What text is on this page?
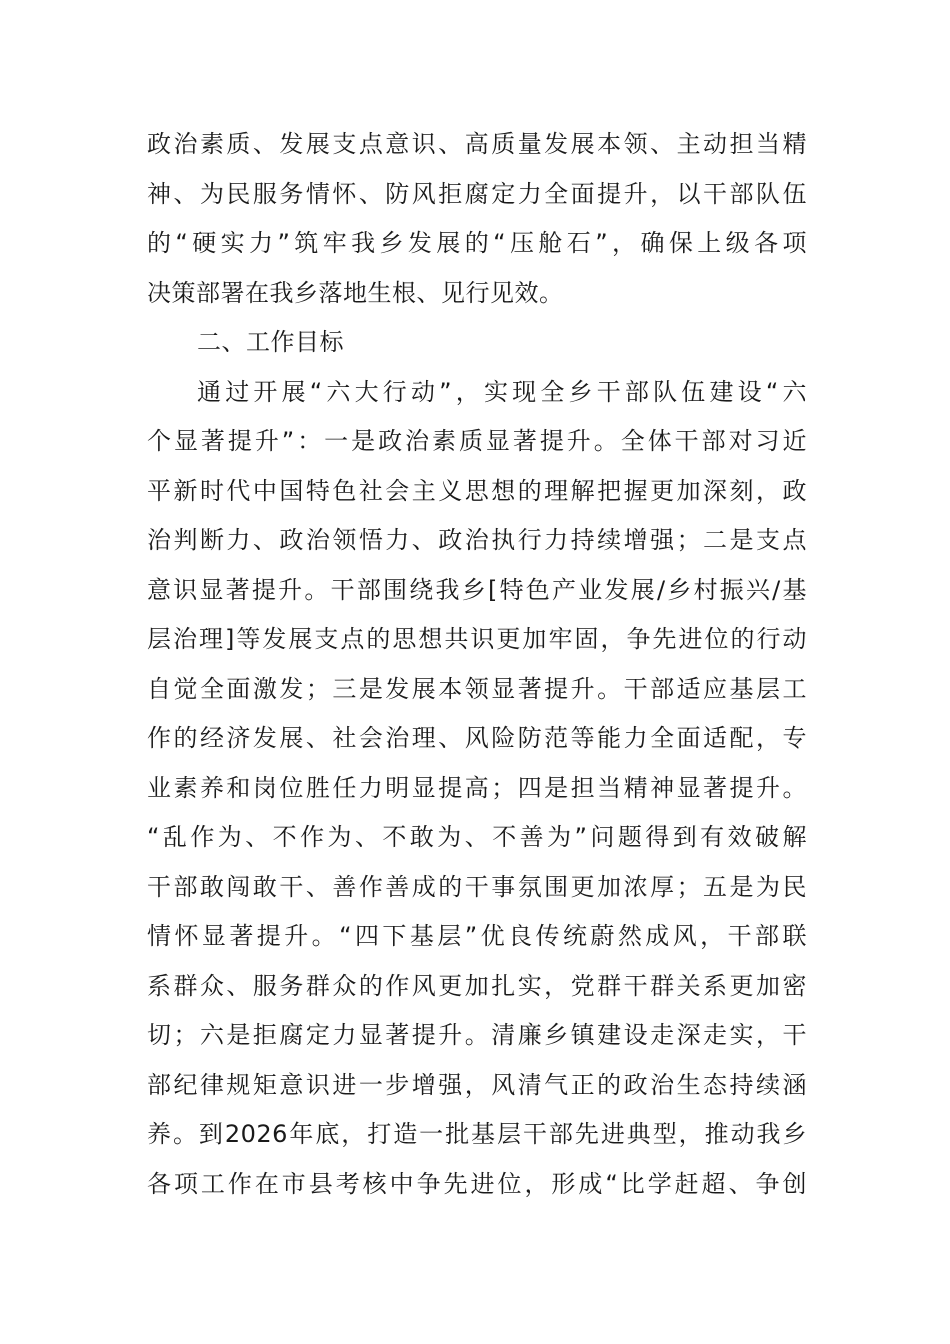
政治素质、发展支点意识、高质量发展本领、主动担当精
神、为民服务情怀、防风拒腐定力全面提升，以干部队伍
的“硬实力”筑牢我乡发展的“压舱石”，确保上级各项
决策部署在我乡落地生根、见行见效。
二、工作目标
通过开展“六大行动”，实现全乡干部队伍建设“六
个显著提升”：一是政治素质显著提升。全体干部对习近
平新时代中国特色社会主义思想的理解把握更加深刻，政
治判断力、政治领悟力、政治执行力持续增强；二是支点
意识显著提升。干部围绕我乡[特色产业发展/乡村振兴/基
层治理]等发展支点的思想共识更加牢固，争先进位的行动
自觉全面激发；三是发展本领显著提升。干部适应基层工
作的经济发展、社会治理、风险防范等能力全面适配，专
业素养和岗位胜任力明显提高；四是担当精神显著提升。
“乱作为、不作为、不敢为、不善为”问题得到有效破解
干部敢闯敢干、善作善成的干事氛围更加浓厚；五是为民
情怀显著提升。“四下基层”优良传统蔚然成风，干部联
系群众、服务群众的作风更加扎实，党群干群关系更加密
切；六是拒腐定力显著提升。清廉乡镇建设走深走实，干
部纪律规矩意识进一步增强，风清气正的政治生态持续涵
养。到2026年底，打造一批基层干部先进典型，推动我乡
各项工作在市县考核中争先进位，形成“比学赶超、争创
